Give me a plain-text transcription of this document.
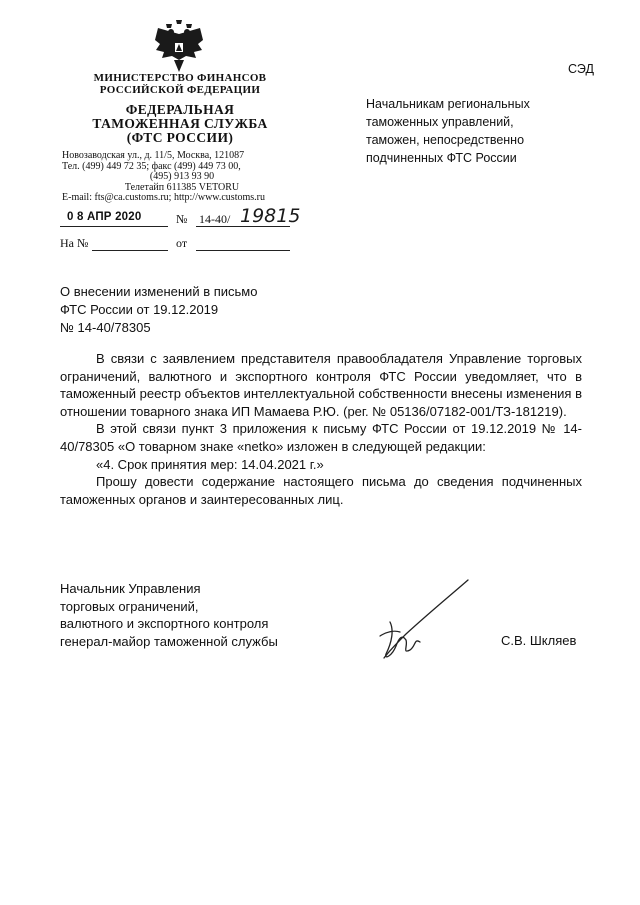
МИНИСТЕРСТВО ФИНАНСОВ
РОССИЙСКОЙ ФЕДЕРАЦИИ
ФЕДЕРАЛЬНАЯ
ТАМОЖЕННАЯ СЛУЖБА
(ФТС РОССИИ)
Новозаводская ул., д. 11/5, Москва, 121087
Тел. (499) 449 72 35; факс (499) 449 73 00,
(495) 913 93 90
Телетайп 611385 VETORU
E-mail: fts@ca.customs.ru; http://www.customs.ru
0 8 АПР 2020	№ 14-40/ 19815
На №	от
СЭД
Начальникам региональных
таможенных управлений,
таможен, непосредственно
подчиненных ФТС России
О внесении изменений в письмо
ФТС России от 19.12.2019
№ 14-40/78305

В связи с заявлением представителя правообладателя Управление торговых ограничений, валютного и экспортного контроля ФТС России уведомляет, что в таможенный реестр объектов интеллектуальной собственности внесены изменения в отношении товарного знака ИП Мамаева Р.Ю. (рег. № 05136/07182-001/ТЗ-181219).

В этой связи пункт 3 приложения к письму ФТС России от 19.12.2019 № 14-40/78305 «О товарном знаке «netko» изложен в следующей редакции:

«4. Срок принятия мер: 14.04.2021 г.»

Прошу довести содержание настоящего письма до сведения подчиненных таможенных органов и заинтересованных лиц.

Начальник Управления
торговых ограничений,
валютного и экспортного контроля
генерал-майор таможенной службы	С.В. Шкляев
